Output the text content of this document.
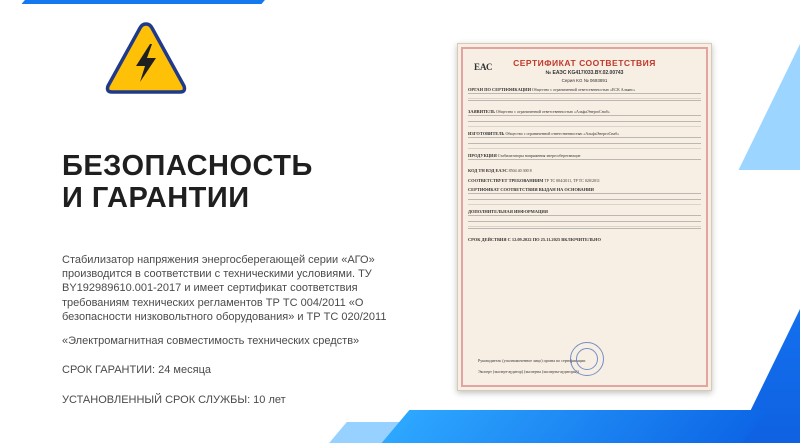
БЕЗОПАСНОСТЬ
И ГАРАНТИИ

Стабилизатор напряжения энергосберегающей серии «АГО» производится в соответствии с техническими условиями. ТУ BY192989610.001-2017 и имеет сертификат соответствия требованиям технических регламентов ТР ТС 004/2011 «О безопасности низковольтного оборудования» и ТР ТС 020/2011

«Электромагнитная совместимость технических средств»

СРОК ГАРАНТИИ: 24 месяца

УСТАНОВЛЕННЫЙ СРОК СЛУЖБЫ: 10 лет

ЕАС	СЕРТИФИКАТ СООТВЕТСТВИЯ
№ ЕАЭС KG417/033.BY.02.00743
Серия KG № 0693891
ОРГАН ПО СЕРТИФИКАЦИИ Общество с ограниченной ответственностью «ЕСК Альянс»
ЗАЯВИТЕЛЬ Общество с ограниченной ответственностью «АльфаЭнергоСнаб»
ИЗГОТОВИТЕЛЬ Общество с ограниченной ответственностью «АльфаЭнергоСнаб»
ПРОДУКЦИЯ Стабилизаторы напряжения энергосберегающие
КОД ТН ВЭД ЕАЭС 8504 40 300 8
СООТВЕТСТВУЕТ ТРЕБОВАНИЯМ ТР ТС 004/2011, ТР ТС 020/2011
СЕРТИФИКАТ СООТВЕТСТВИЯ ВЫДАН НА ОСНОВАНИИ
ДОПОЛНИТЕЛЬНАЯ ИНФОРМАЦИЯ
СРОК ДЕЙСТВИЯ С 12.09.2022 ПО 25.11.2025 ВКЛЮЧИТЕЛЬНО
Руководитель (уполномоченное лицо) органа по сертификации
Эксперт (эксперт-аудитор) (эксперты (эксперты-аудиторы))
